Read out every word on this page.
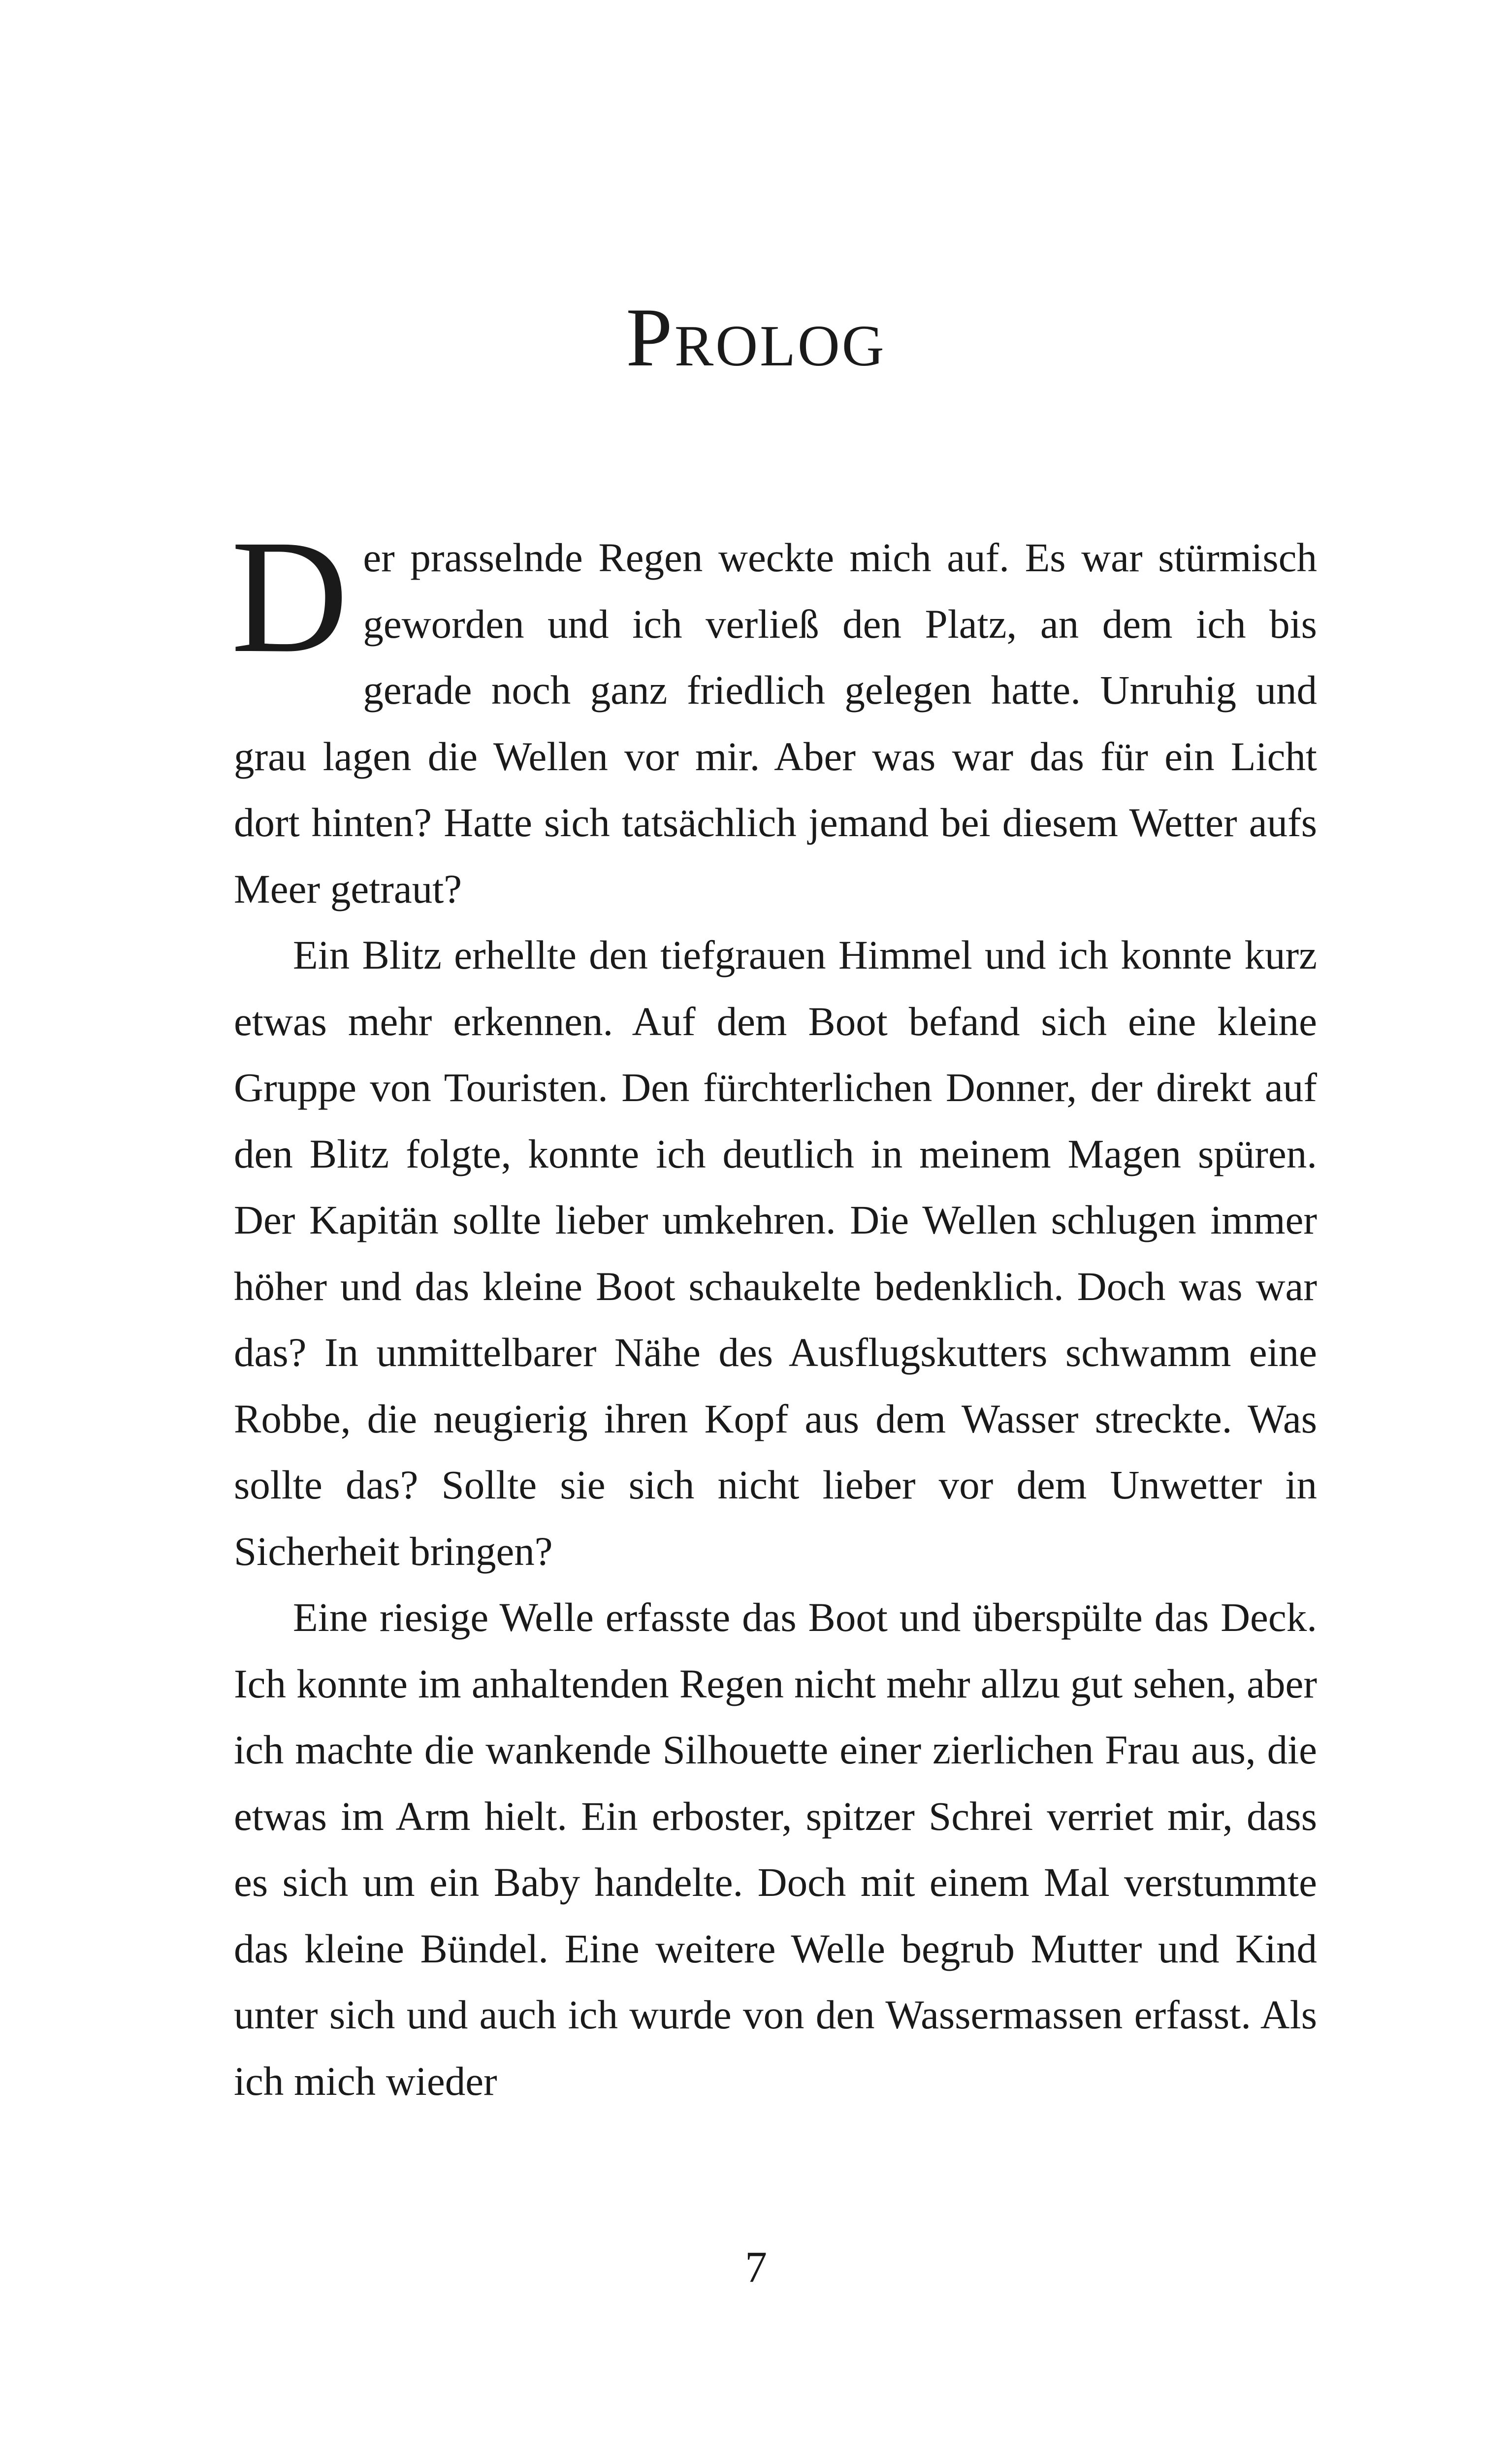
Prolog

Der prasselnde Regen weckte mich auf. Es war stürmisch geworden und ich verließ den Platz, an dem ich bis gerade noch ganz friedlich gelegen hatte. Unruhig und grau lagen die Wellen vor mir. Aber was war das für ein Licht dort hinten? Hatte sich tatsächlich jemand bei diesem Wetter aufs Meer getraut?

Ein Blitz erhellte den tiefgrauen Himmel und ich konnte kurz etwas mehr erkennen. Auf dem Boot befand sich eine kleine Gruppe von Touristen. Den fürchterlichen Donner, der direkt auf den Blitz folgte, konnte ich deutlich in meinem Magen spüren. Der Kapitän sollte lieber umkehren. Die Wellen schlugen immer höher und das kleine Boot schaukelte bedenklich. Doch was war das? In unmittelbarer Nähe des Ausflugskutters schwamm eine Robbe, die neugierig ihren Kopf aus dem Wasser streckte. Was sollte das? Sollte sie sich nicht lieber vor dem Unwetter in Sicherheit bringen?

Eine riesige Welle erfasste das Boot und überspülte das Deck. Ich konnte im anhaltenden Regen nicht mehr allzu gut sehen, aber ich machte die wankende Silhouette einer zierlichen Frau aus, die etwas im Arm hielt. Ein erboster, spitzer Schrei verriet mir, dass es sich um ein Baby handelte. Doch mit einem Mal verstummte das kleine Bündel. Eine weitere Welle begrub Mutter und Kind unter sich und auch ich wurde von den Wassermassen erfasst. Als ich mich wieder

7
